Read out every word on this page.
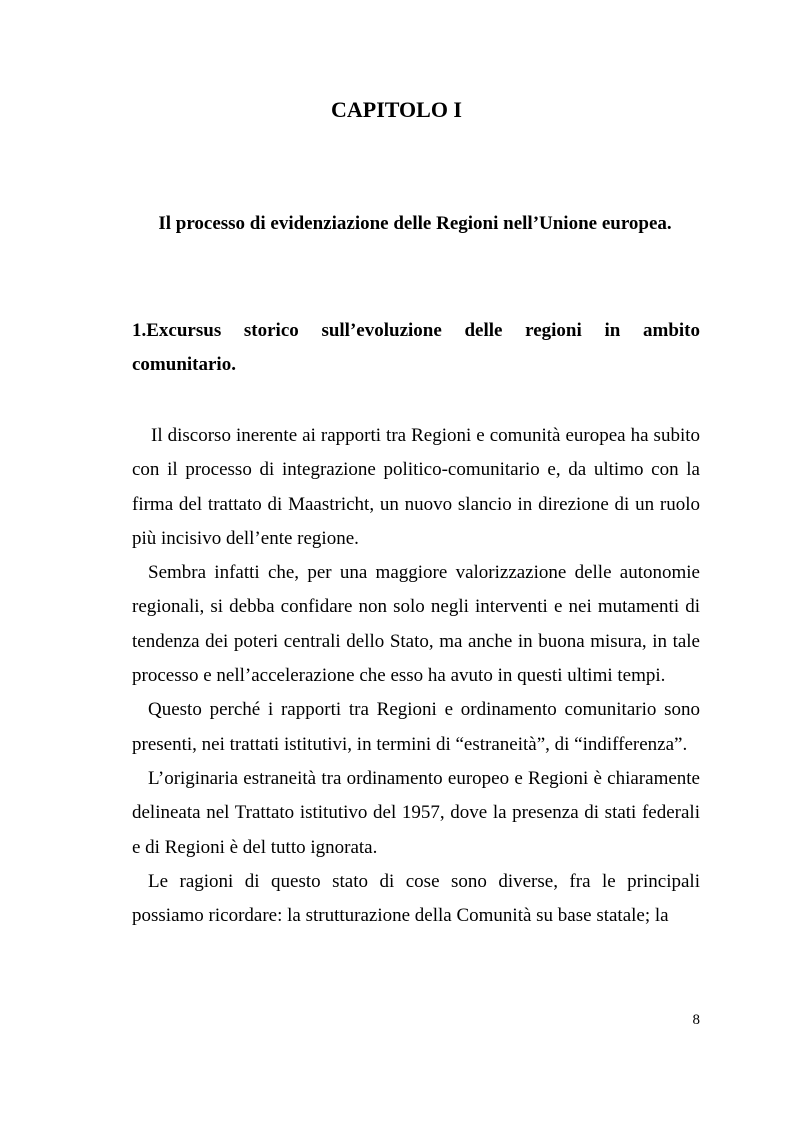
CAPITOLO I
Il processo di evidenziazione delle Regioni nell’Unione europea.
1.Excursus storico sull’evoluzione delle regioni in ambito comunitario.

Il discorso inerente ai rapporti tra Regioni e comunità europea ha subito con il processo di integrazione politico-comunitario e, da ultimo con la firma del trattato di Maastricht, un nuovo slancio in direzione di un ruolo più incisivo dell’ente regione.

Sembra infatti che, per una maggiore valorizzazione delle autonomie regionali, si debba confidare non solo negli interventi e nei mutamenti di tendenza dei poteri centrali dello Stato, ma anche in buona misura, in tale processo e nell’accelerazione che esso ha avuto in questi ultimi tempi.

Questo perché i rapporti tra Regioni e ordinamento comunitario sono presenti, nei trattati istitutivi, in termini di “estraneità”, di “indifferenza”.

L’originaria estraneità tra ordinamento europeo e Regioni è chiaramente delineata nel Trattato istitutivo del 1957, dove la presenza di stati federali e di Regioni è del tutto ignorata.

Le ragioni di questo stato di cose sono diverse, fra le principali possiamo ricordare: la strutturazione della Comunità su base statale; la

8
